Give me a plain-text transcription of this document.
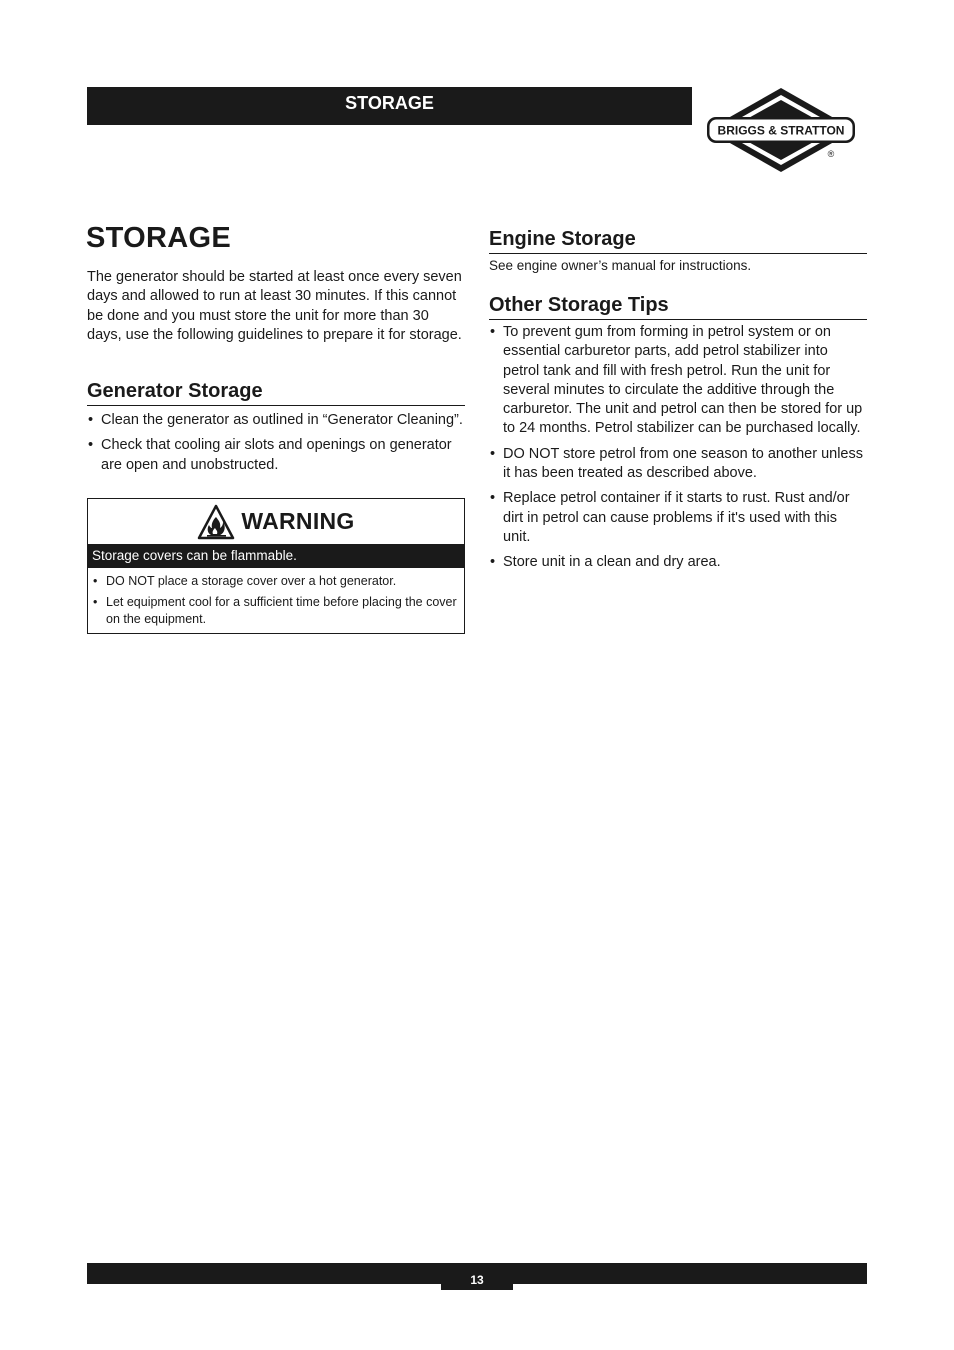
STORAGE
BRIGGS & STRATTON
®
STORAGE

The generator should be started at least once every seven days and allowed to run at least 30 minutes. If this cannot be done and you must store the unit for more than 30 days, use the following guidelines to prepare it for storage.

Generator Storage
• Clean the generator as outlined in “Generator Cleaning”.
• Check that cooling air slots and openings on generator are open and unobstructed.
WARNING
Storage covers can be flammable.
• DO NOT place a storage cover over a hot generator.
• Let equipment cool for a sufficient time before placing the cover on the equipment.
Engine Storage

See engine owner’s manual for instructions.

Other Storage Tips
• To prevent gum from forming in petrol system or on essential carburetor parts, add petrol stabilizer into petrol tank and fill with fresh petrol. Run the unit for several minutes to circulate the additive through the carburetor. The unit and petrol can then be stored for up to 24 months. Petrol stabilizer can be purchased locally.
• DO NOT store petrol from one season to another unless it has been treated as described above.
• Replace petrol container if it starts to rust. Rust and/or dirt in petrol can cause problems if it's used with this unit.
• Store unit in a clean and dry area.
13
